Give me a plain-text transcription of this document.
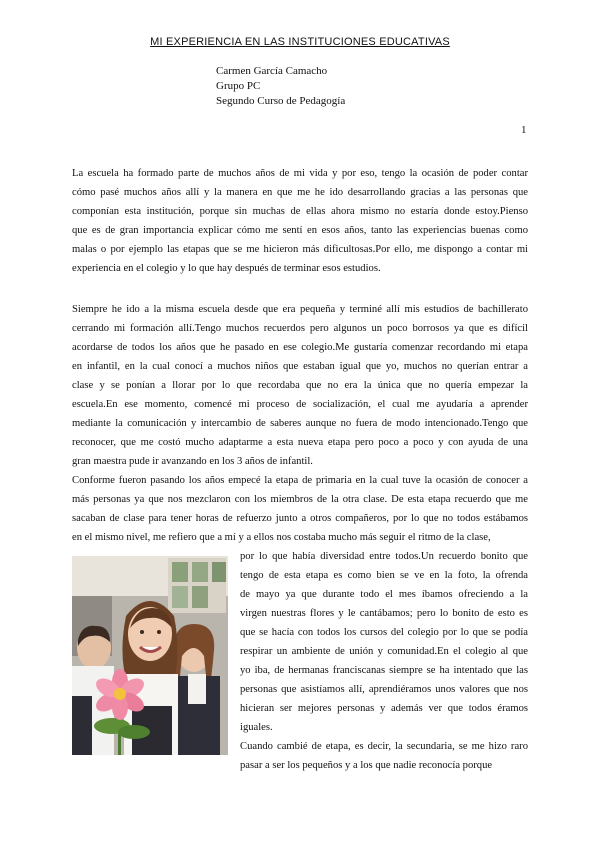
MI EXPERIENCIA EN LAS INSTITUCIONES EDUCATIVAS
Carmen García Camacho
Grupo PC
Segundo Curso de Pedagogía
1
La escuela ha formado parte de muchos años de mi vida y por eso, tengo la ocasión de poder contar
cómo pasé muchos años allí y la manera en que me he ido desarrollando gracias a las personas que
componían esta institución, porque sin muchas de ellas ahora mismo no estaría donde estoy.Pienso
que es de gran importancia explicar cómo me sentí en esos años, tanto las experiencias buenas como
malas o por ejemplo las etapas que se me hicieron más dificultosas.Por ello, me dispongo a contar mi
experiencia en el colegio y lo que hay después de terminar esos estudios.
Siempre he ido a la misma escuela desde que era pequeña y terminé allí mis estudios de bachillerato
cerrando mi formación allí.Tengo muchos recuerdos pero algunos un poco borrosos ya que es difícil
acordarse de todos los años que he pasado en ese colegio.Me gustaría comenzar recordando mi etapa
en infantil, en la cual conocí a muchos niños que estaban igual que yo, muchos no querían entrar a
clase y se ponían a llorar por lo que recordaba que no era la única que no quería empezar la
escuela.En ese momento, comencé mi proceso de socialización, el cual me ayudaría a aprender
mediante la comunicación y intercambio de saberes aunque no fuera de modo intencionado.Tengo que
reconocer, que me costó mucho adaptarme a esta nueva etapa pero poco a poco y con ayuda de una
gran maestra pude ir avanzando en los 3 años de infantil.
Conforme fueron pasando los años empecé la etapa de primaria en la cual tuve la ocasión de conocer a
más personas ya que nos mezclaron con los miembros de la otra clase. De esta etapa recuerdo que me
sacaban de clase para tener horas de refuerzo junto a otros compañeros, por lo que no todos estábamos
en el mismo nivel, me refiero que a mí y a ellos nos costaba mucho más seguir el ritmo de la clase,
por lo que había diversidad entre todos.Un recuerdo bonito que
tengo de esta etapa es como bien se ve en la foto, la ofrenda
de mayo ya que durante todo el mes íbamos ofreciendo a la
virgen nuestras flores y le cantábamos; pero lo bonito de esto es
que se hacía con todos los cursos del colegio por lo que se podía
respirar un ambiente de unión y comunidad.En el colegio al que
yo iba, de hermanas franciscanas siempre se ha intentado que las
personas que asistíamos allí, aprendiéramos unos valores que nos
hicieran ser mejores personas y además ver que todos éramos
iguales.
Cuando cambié de etapa, es decir, la secundaria, se me hizo raro
pasar a ser los pequeños y a los que nadie reconocía porque
